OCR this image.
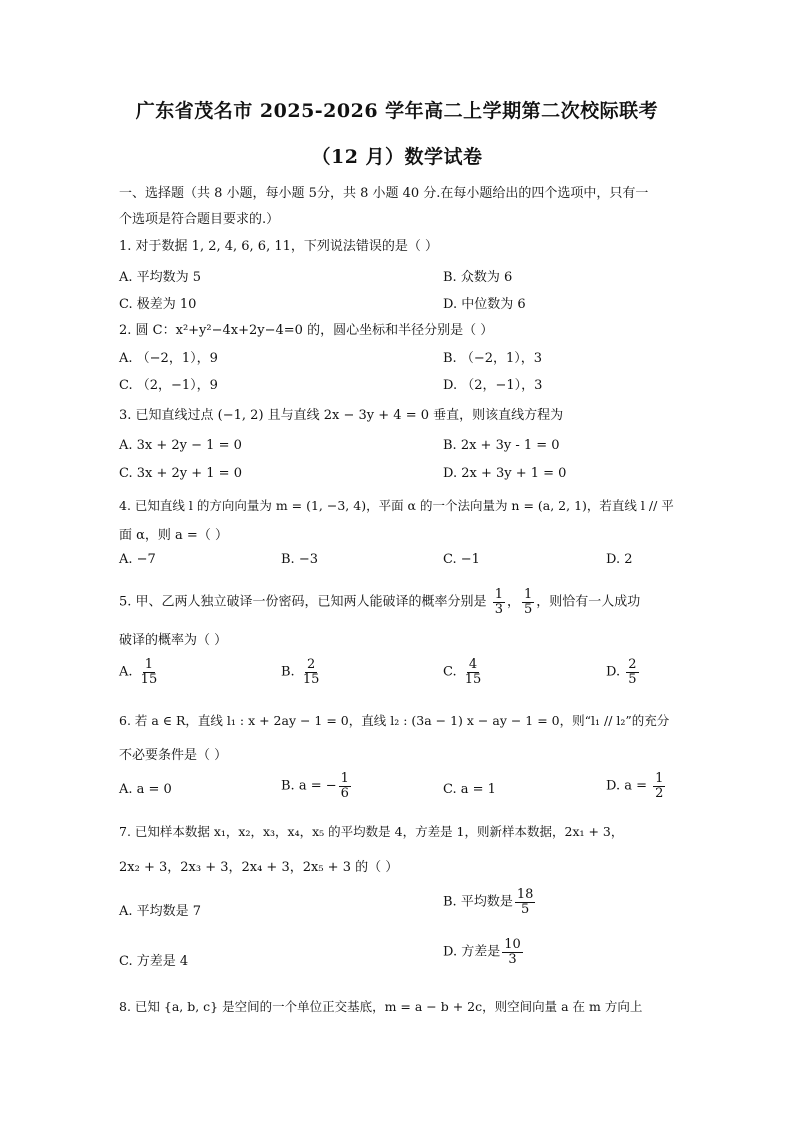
广东省茂名市 2025-2026 学年高二上学期第二次校际联考
（12 月）数学试卷
一、选择题（共 8 小题，每小题 5分，共 8 小题 40 分.在每小题给出的四个选项中，只有一
个选项是符合题目要求的.）
1. 对于数据 1, 2, 4, 6, 6, 11，下列说法错误的是（ ）
A. 平均数为 5	B. 众数为 6
C. 极差为 10	D. 中位数为 6
2. 圆 C：x²+y²−4x+2y−4=0 的，圆心坐标和半径分别是（ ）
A. （−2，1），9	B. （−2，1），3
C. （2，−1），9	D. （2，−1），3
3. 已知直线过点 (−1, 2) 且与直线 2x − 3y + 4 = 0 垂直，则该直线方程为
A. 3x + 2y − 1 = 0	B. 2x + 3y - 1 = 0
C. 3x + 2y + 1 = 0	D. 2x + 3y + 1 = 0
4. 已知直线 l 的方向向量为 m = (1, −3, 4)，平面 α 的一个法向量为 n = (a, 2, 1)，若直线 l // 平
面 α，则 a =（ ）
A. −7	B. −3	C. −1	D. 2
5. 甲、乙两人独立破译一份密码，已知两人能破译的概率分别是 $\frac{1}{3}$ ， $\frac{1}{5}$ ，则恰有一人成功
破译的概率为（ ）
A. $\frac{1}{15}$	B. $\frac{2}{15}$	C. $\frac{4}{15}$	D. $\frac{2}{5}$
6. 若 a ∈ R，直线 l₁ : x + 2ay − 1 = 0，直线 l₂ : (3a − 1) x − ay − 1 = 0，则“l₁ // l₂”的充分
不必要条件是（ ）
A. a = 0	B. a = − $\frac{1}{6}$	C. a = 1	D. $a = \frac{1}{2}$
7. 已知样本数据 x₁，x₂，x₃，x₄，x₅ 的平均数是 4，方差是 1，则新样本数据，2x₁ + 3，
2x₂ + 3，2x₃ + 3，2x₄ + 3，2x₅ + 3 的（ ）
A. 平均数是 7
B. 平均数是 $\frac{18}{5}$
C. 方差是 4
D. 方差是 $\frac{10}{3}$
8. 已知 {a, b, c} 是空间的一个单位正交基底，m = a − b + 2c，则空间向量 a 在 m 方向上
